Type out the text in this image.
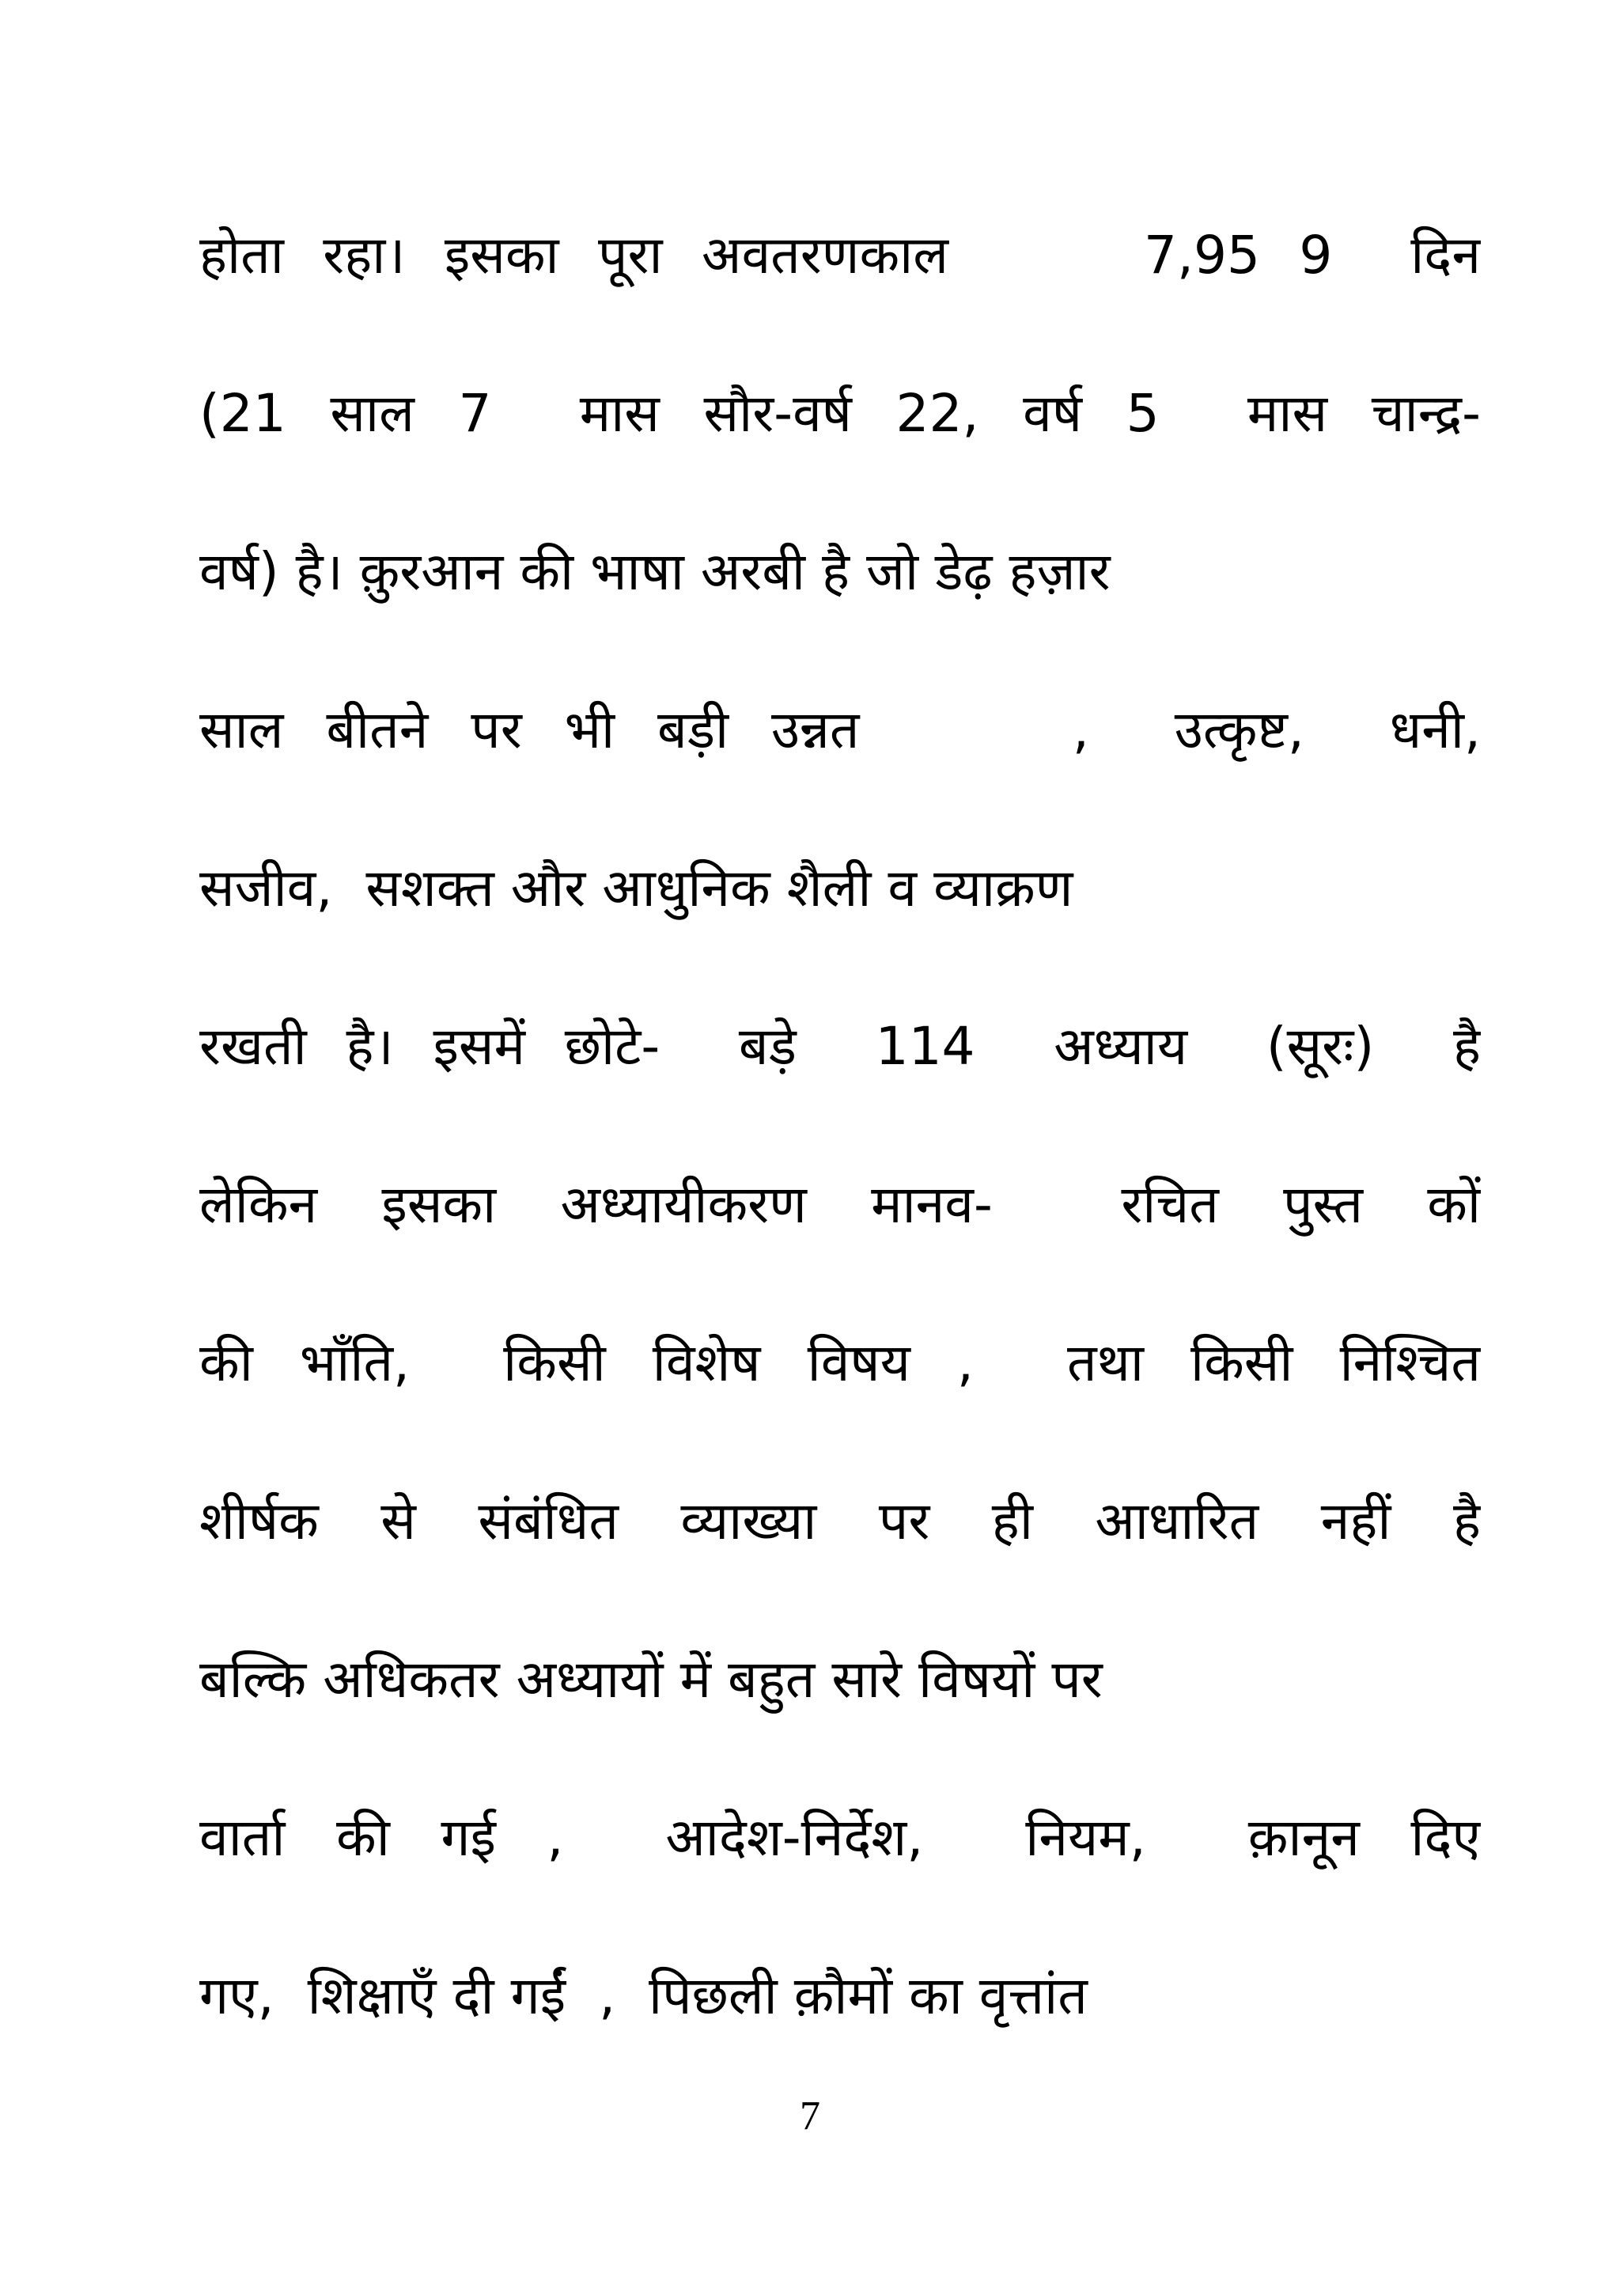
होता रहा। इसका पूरा अवतरणकाल     7,95 9  दिन
(21 साल 7  मास सौर-वर्ष 22, वर्ष 5  मास चान्द्र-
वर्ष) है। क़ुरआन की भाषा अरबी है जो डेढ़ हज़ार
साल बीतने पर भी बड़ी उन्नत     ,  उत्कृष्ट,  धनी,
सजीव,  सशक्त और आधुनिक शैली व व्याक्रण
रखती है। इसमें छोटे-  बड़े  114  अध्याय  (सूरः)  है
लेकिन इसका अध्यायीकरण मानव-  रचित पुस्त कों
की भाँति,  किसी विशेष विषय ,  तथा किसी निश्चित
शीर्षक से संबंधित व्याख्या पर ही आधारित नहीं है
बल्कि अधिकतर अध्यायों में बहुत सारे विषयों पर
वार्ता की गई ,  आदेश-निर्देश,  नियम,  क़ानून दिए
गए,  शिक्षाएँ दी गईं  ,  पिछली क़ौमों का वृत्तांत
7
